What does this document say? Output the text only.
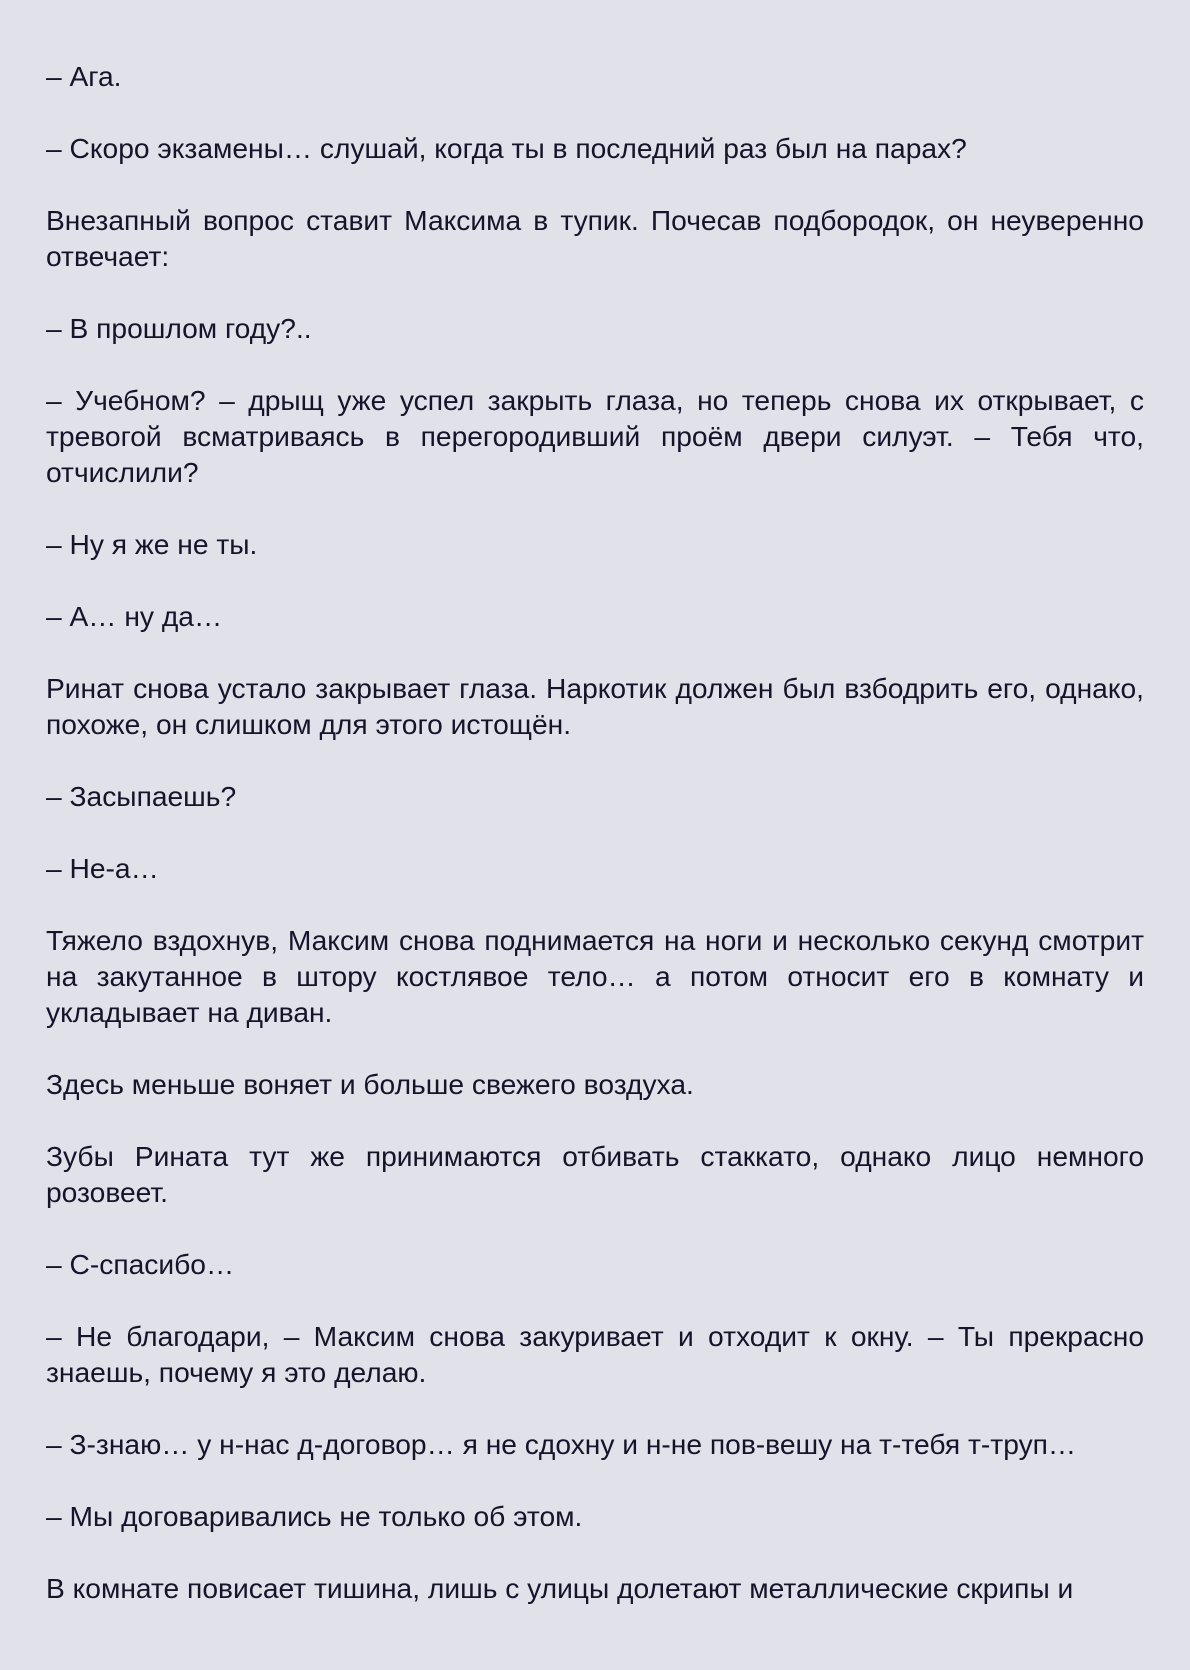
– Ага.

– Скоро экзамены… слушай, когда ты в последний раз был на парах?

Внезапный вопрос ставит Максима в тупик. Почесав подбородок, он неуверенно отвечает:

– В прошлом году?..

– Учебном? – дрыщ уже успел закрыть глаза, но теперь снова их открывает, с тревогой всматриваясь в перегородивший проём двери силуэт. – Тебя что, отчислили?

– Ну я же не ты.

– А… ну да…

Ринат снова устало закрывает глаза. Наркотик должен был взбодрить его, однако, похоже, он слишком для этого истощён.

– Засыпаешь?

– Не-а…

Тяжело вздохнув, Максим снова поднимается на ноги и несколько секунд смотрит на закутанное в штору костлявое тело… а потом относит его в комнату и укладывает на диван.

Здесь меньше воняет и больше свежего воздуха.

Зубы Рината тут же принимаются отбивать стаккато, однако лицо немного розовеет.

– С-спасибо…

– Не благодари, – Максим снова закуривает и отходит к окну. – Ты прекрасно знаешь, почему я это делаю.

– З-знаю… у н-нас д-договор… я не сдохну и н-не пов-вешу на т-тебя т-труп…

– Мы договаривались не только об этом.

В комнате повисает тишина, лишь с улицы долетают металлические скрипы и
